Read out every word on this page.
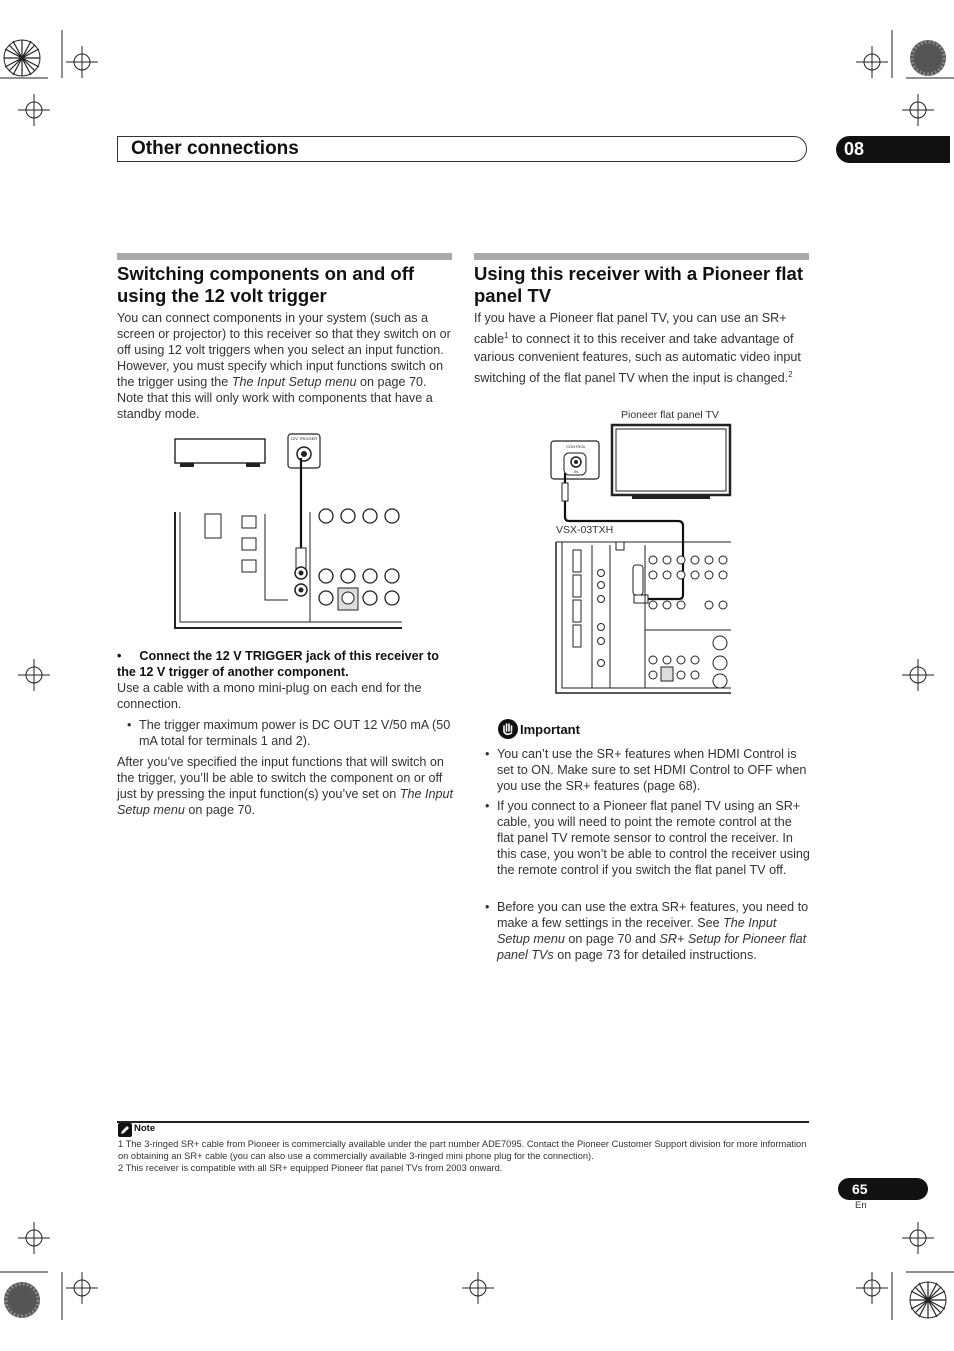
Other connections	08
Switching components on and off using the 12 volt trigger
You can connect components in your system (such as a screen or projector) to this receiver so that they switch on or off using 12 volt triggers when you select an input function. However, you must specify which input functions switch on the trigger using the The Input Setup menu on page 70. Note that this will only work with components that have a standby mode.
12V TRIGGER
• Connect the 12 V TRIGGER jack of this receiver to the 12 V trigger of another component.
Use a cable with a mono mini-plug on each end for the connection.
• The trigger maximum power is DC OUT 12 V/50 mA (50 mA total for terminals 1 and 2).
After you’ve specified the input functions that will switch on the trigger, you’ll be able to switch the component on or off just by pressing the input function(s) you’ve set on The Input Setup menu on page 70.
Using this receiver with a Pioneer flat panel TV
If you have a Pioneer flat panel TV, you can use an SR+ cable$^1$ to connect it to this receiver and take advantage of various convenient features, such as automatic video input switching of the flat panel TV when the input is changed.$^2$
Pioneer flat panel TV
VSX-03TXH
CONTROL
IN
Important
• You can’t use the SR+ features when HDMI Control is set to ON. Make sure to set HDMI Control to OFF when you use the SR+ features (page 68).
• If you connect to a Pioneer flat panel TV using an SR+ cable, you will need to point the remote control at the flat panel TV remote sensor to control the receiver. In this case, you won’t be able to control the receiver using the remote control if you switch the flat panel TV off.
• Before you can use the extra SR+ features, you need to make a few settings in the receiver. See The Input Setup menu on page 70 and SR+ Setup for Pioneer flat panel TVs on page 73 for detailed instructions.
Note
1 The 3-ringed SR+ cable from Pioneer is commercially available under the part number ADE7095. Contact the Pioneer Customer Support division for more information on obtaining an SR+ cable (you can also use a commercially available 3-ringed mini phone plug for the connection).
2 This receiver is compatible with all SR+ equipped Pioneer flat panel TVs from 2003 onward.
65
En
